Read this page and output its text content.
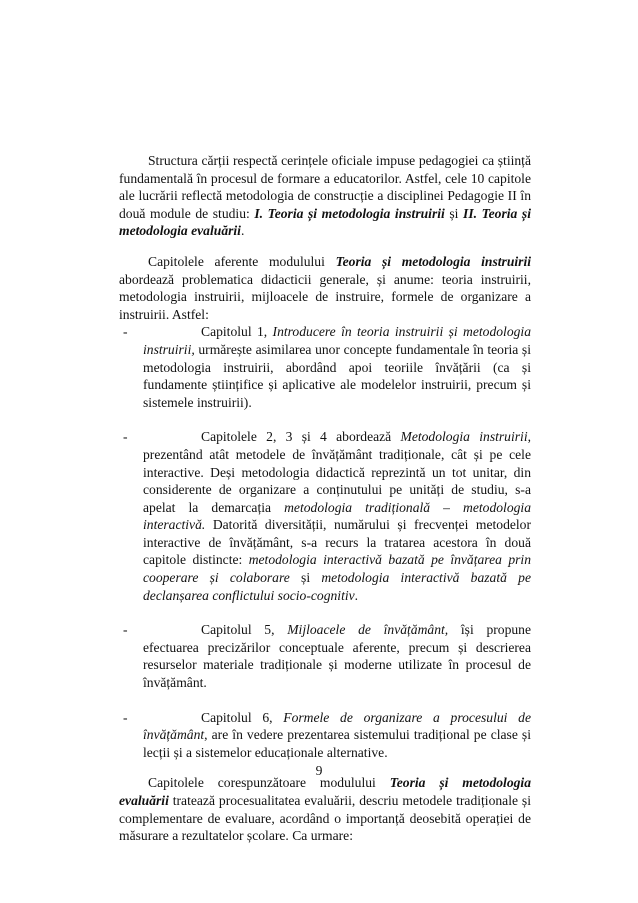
Structura cărții respectă cerințele oficiale impuse pedagogiei ca știință fundamentală în procesul de formare a educatorilor. Astfel, cele 10 capitole ale lucrării reflectă metodologia de construcție a disciplinei Pedagogie II în două module de studiu: I. Teoria și metodologia instruirii și II. Teoria și metodologia evaluării.

Capitolele aferente modulului Teoria și metodologia instruirii abordează problematica didacticii generale, și anume: teoria instruirii, metodologia instruirii, mijloacele de instruire, formele de organizare a instruirii. Astfel:

-	Capitolul 1, Introducere în teoria instruirii și metodologia instruirii, urmărește asimilarea unor concepte fundamentale în teoria și metodologia instruirii, abordând apoi teoriile învățării (ca și fundamente științifice și aplicative ale modelelor instruirii, precum și sistemele instruirii).

-	Capitolele 2, 3 și 4 abordează Metodologia instruirii, prezentând atât metodele de învățământ tradiționale, cât și pe cele interactive. Deși metodologia didactică reprezintă un tot unitar, din considerente de organizare a conținutului pe unități de studiu, s-a apelat la demarcația metodologia tradițională – metodologia interactivă. Datorită diversității, numărului și frecvenței metodelor interactive de învățământ, s-a recurs la tratarea acestora în două capitole distincte: metodologia interactivă bazată pe învățarea prin cooperare și colaborare și metodologia interactivă bazată pe declanșarea conflictului socio-cognitiv.

-	Capitolul 5, Mijloacele de învățământ, își propune efectuarea precizărilor conceptuale aferente, precum și descrierea resurselor materiale tradiționale și moderne utilizate în procesul de învățământ.

-	Capitolul 6, Formele de organizare a procesului de învățământ, are în vedere prezentarea sistemului tradițional pe clase și lecții și a sistemelor educaționale alternative.

Capitolele corespunzătoare modulului Teoria și metodologia evaluării tratează procesualitatea evaluării, descriu metodele tradiționale și complementare de evaluare, acordând o importanță deosebită operației de măsurare a rezultatelor școlare. Ca urmare:

9
